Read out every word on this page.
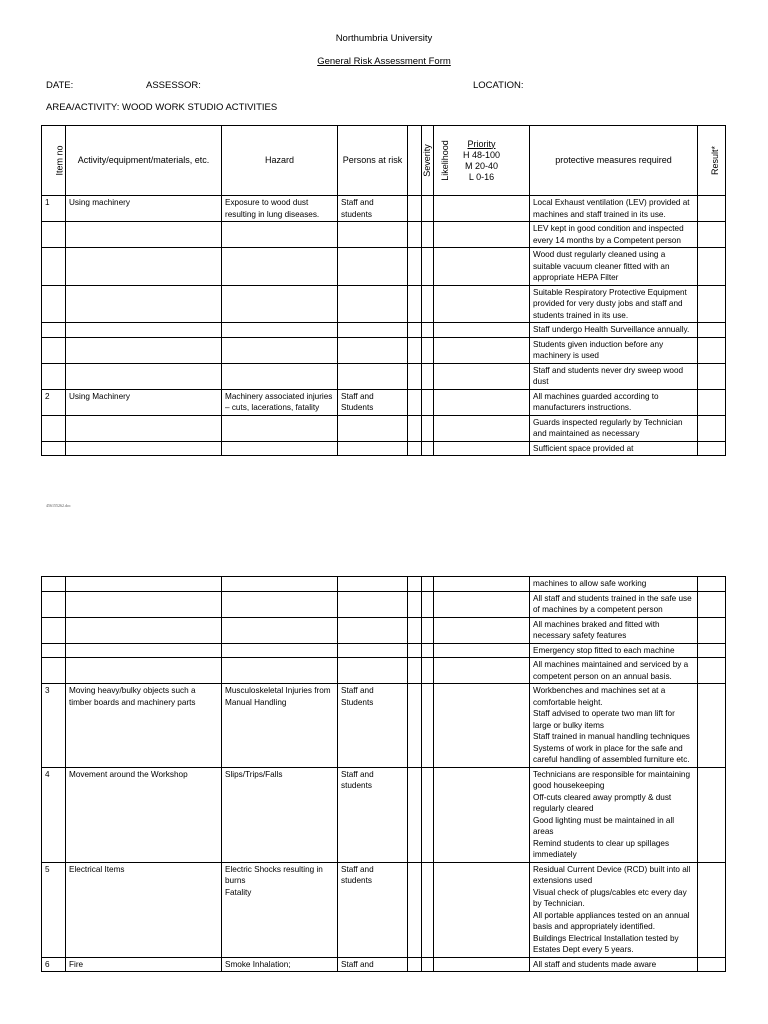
Northumbria University
General Risk Assessment Form
DATE:	ASSESSOR:	LOCATION:
AREA/ACTIVITY: WOOD WORK STUDIO ACTIVITIES
Item no	Activity/equipment/materials, etc.	Hazard	Persons at risk	Severity	Likelihood	Priority
H 48-100
M 20-40
L 0-16	protective measures required	Result*
1	Using machinery	Exposure to wood dust resulting in lung diseases.	Staff and students				Local Exhaust ventilation (LEV) provided at machines and staff trained in its use.	
							LEV kept in good condition and inspected every 14 months by a Competent person	
							Wood dust regularly cleaned using a suitable vacuum cleaner fitted with an appropriate HEPA Filter	
							Suitable Respiratory Protective Equipment provided for very dusty jobs and staff and students trained in its use.	
							Staff undergo Health Surveillance annually.	
							Students given induction before any machinery is used	
							Staff and students never dry sweep wood dust	
2	Using Machinery	Machinery associated injuries – cuts, lacerations, fatality	Staff and Students				All machines guarded according to manufacturers instructions.	
							Guards inspected regularly by Technician and maintained as necessary	
							Sufficient space provided at	
456155262.doc
							machines to allow safe working	
							All staff and students trained in the safe use of machines by a competent person	
							All machines braked and fitted with necessary safety features	
							Emergency stop fitted to each machine	
							All machines maintained and serviced by a competent person on an annual basis.	
3	Moving heavy/bulky objects such a timber boards and machinery parts	Musculoskeletal Injuries from Manual Handling	Staff and Students				Workbenches and machines set at a comfortable height.
Staff advised to operate two man lift for large or bulky items
Staff trained in manual handling techniques
Systems of work in place for the safe and careful handling of assembled furniture etc.	
4	Movement around the Workshop	Slips/Trips/Falls	Staff and students				Technicians are responsible for maintaining good housekeeping
Off-cuts cleared away promptly & dust regularly cleared
Good lighting must be maintained in all areas
Remind students to clear up spillages immediately	
5	Electrical Items	Electric Shocks resulting in burns
Fatality	Staff and students				Residual Current Device (RCD) built into all extensions used
Visual check of plugs/cables etc every day by Technician.
All portable appliances tested on an annual basis and appropriately identified.
Buildings Electrical Installation tested by Estates Dept every 5 years.	
6	Fire	Smoke Inhalation;	Staff and				All staff and students made aware	
